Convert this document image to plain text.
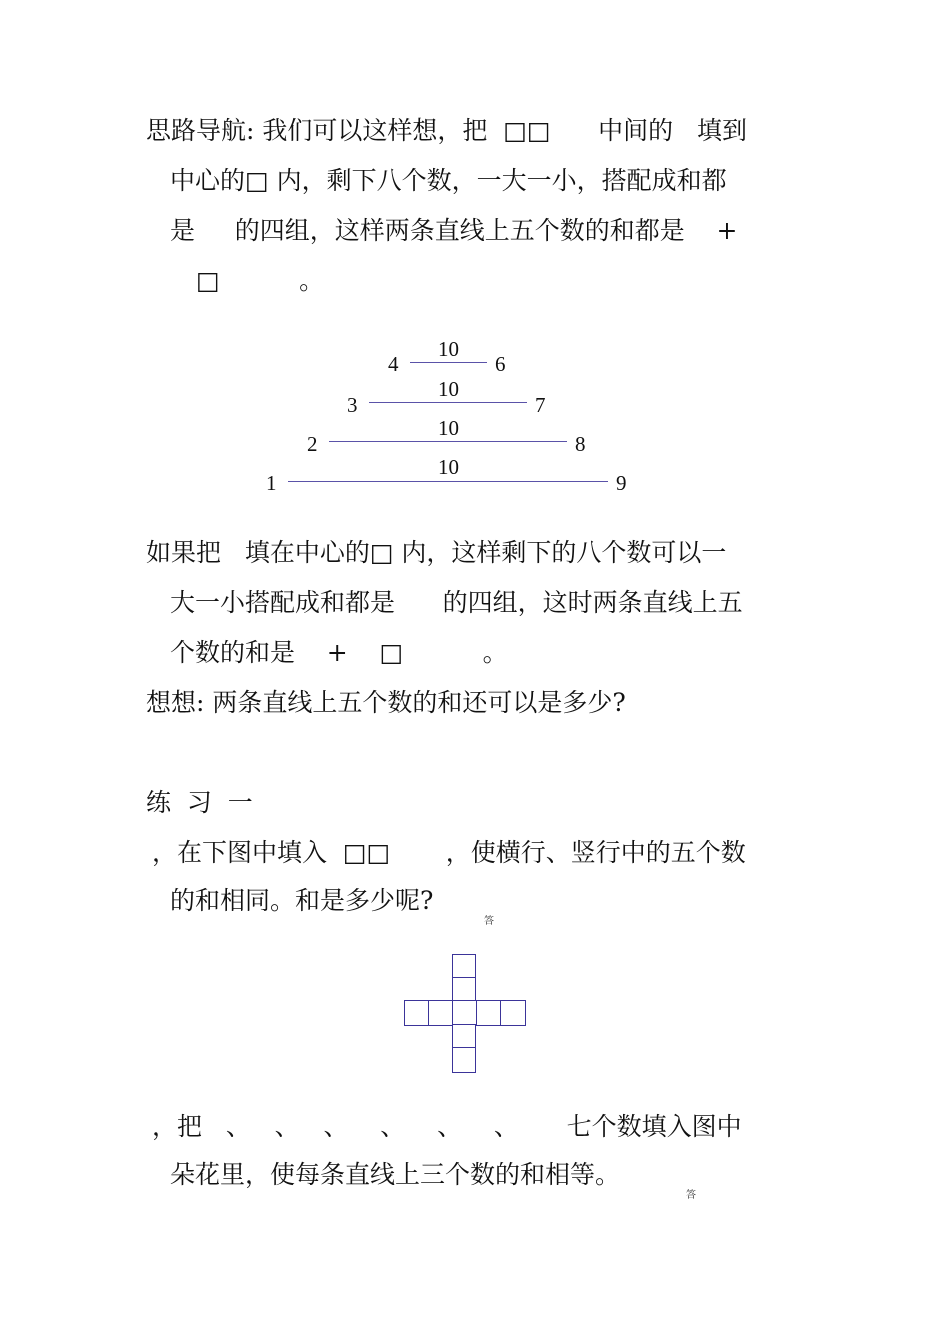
思路导航: 我们可以这样想，把  □□      中间的   填到
中心的□ 内，剩下八个数，一大一小，搭配成和都
是     的四组，这样两条直线上五个数的和都是    +
□          。
4
10
6
3
10
7
2
10
8
1
10
9
如果把   填在中心的□ 内，这样剩下的八个数可以一
大一小搭配成和都是      的四组，这时两条直线上五
个数的和是    +    □          。
想想: 两条直线上五个数的和还可以是多少?
练  习  一
，在下图中填入  □□       ，使横行、竖行中的五个数
的和相同。和是多少呢?
答
，把   、   、   、    、    、    、      七个数填入图中
朵花里，使每条直线上三个数的和相等。
答
